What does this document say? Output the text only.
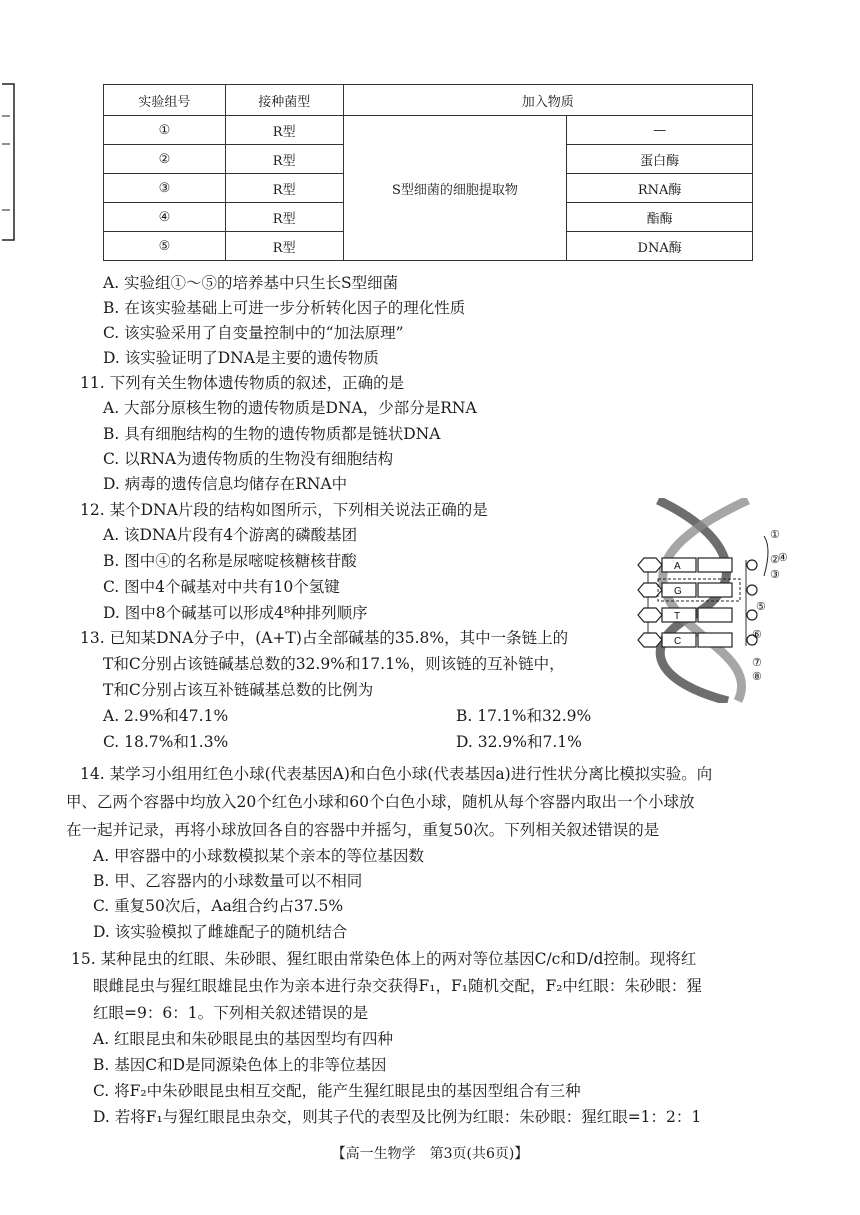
实验组号	接种菌型	加入物质	
①	R型	S型细菌的细胞提取物	—
②	R型		蛋白酶
③	R型		RNA酶
④	R型		酯酶
⑤	R型		DNA酶
A. 实验组①～⑤的培养基中只生长S型细菌
B. 在该实验基础上可进一步分析转化因子的理化性质
C. 该实验采用了自变量控制中的“加法原理”
D. 该实验证明了DNA是主要的遗传物质
11. 下列有关生物体遗传物质的叙述，正确的是
A. 大部分原核生物的遗传物质是DNA，少部分是RNA
B. 具有细胞结构的生物的遗传物质都是链状DNA
C. 以RNA为遗传物质的生物没有细胞结构
D. 病毒的遗传信息均储存在RNA中
12. 某个DNA片段的结构如图所示，下列相关说法正确的是
A. 该DNA片段有4个游离的磷酸基团
B. 图中④的名称是尿嘧啶核糖核苷酸
C. 图中4个碱基对中共有10个氢键
D. 图中8个碱基可以形成4⁸种排列顺序
A
G
T
C
①
②
③
④
⑤
⑥
⑦
⑧
13. 已知某DNA分子中，(A+T)占全部碱基的35.8%，其中一条链上的
T和C分别占该链碱基总数的32.9%和17.1%，则该链的互补链中，
T和C分别占该互补链碱基总数的比例为
A. 2.9%和47.1%	B. 17.1%和32.9%
C. 18.7%和1.3%	D. 32.9%和7.1%
14. 某学习小组用红色小球(代表基因A)和白色小球(代表基因a)进行性状分离比模拟实验。向
甲、乙两个容器中均放入20个红色小球和60个白色小球，随机从每个容器内取出一个小球放
在一起并记录，再将小球放回各自的容器中并摇匀，重复50次。下列相关叙述错误的是
A. 甲容器中的小球数模拟某个亲本的等位基因数
B. 甲、乙容器内的小球数量可以不相同
C. 重复50次后，Aa组合约占37.5%
D. 该实验模拟了雌雄配子的随机结合
15. 某种昆虫的红眼、朱砂眼、猩红眼由常染色体上的两对等位基因C/c和D/d控制。现将红
眼雌昆虫与猩红眼雄昆虫作为亲本进行杂交获得F₁，F₁随机交配，F₂中红眼：朱砂眼：猩
红眼=9：6：1。下列相关叙述错误的是
A. 红眼昆虫和朱砂眼昆虫的基因型均有四种
B. 基因C和D是同源染色体上的非等位基因
C. 将F₂中朱砂眼昆虫相互交配，能产生猩红眼昆虫的基因型组合有三种
D. 若将F₁与猩红眼昆虫杂交，则其子代的表型及比例为红眼：朱砂眼：猩红眼=1：2：1
【高一生物学　第3页(共6页)】
